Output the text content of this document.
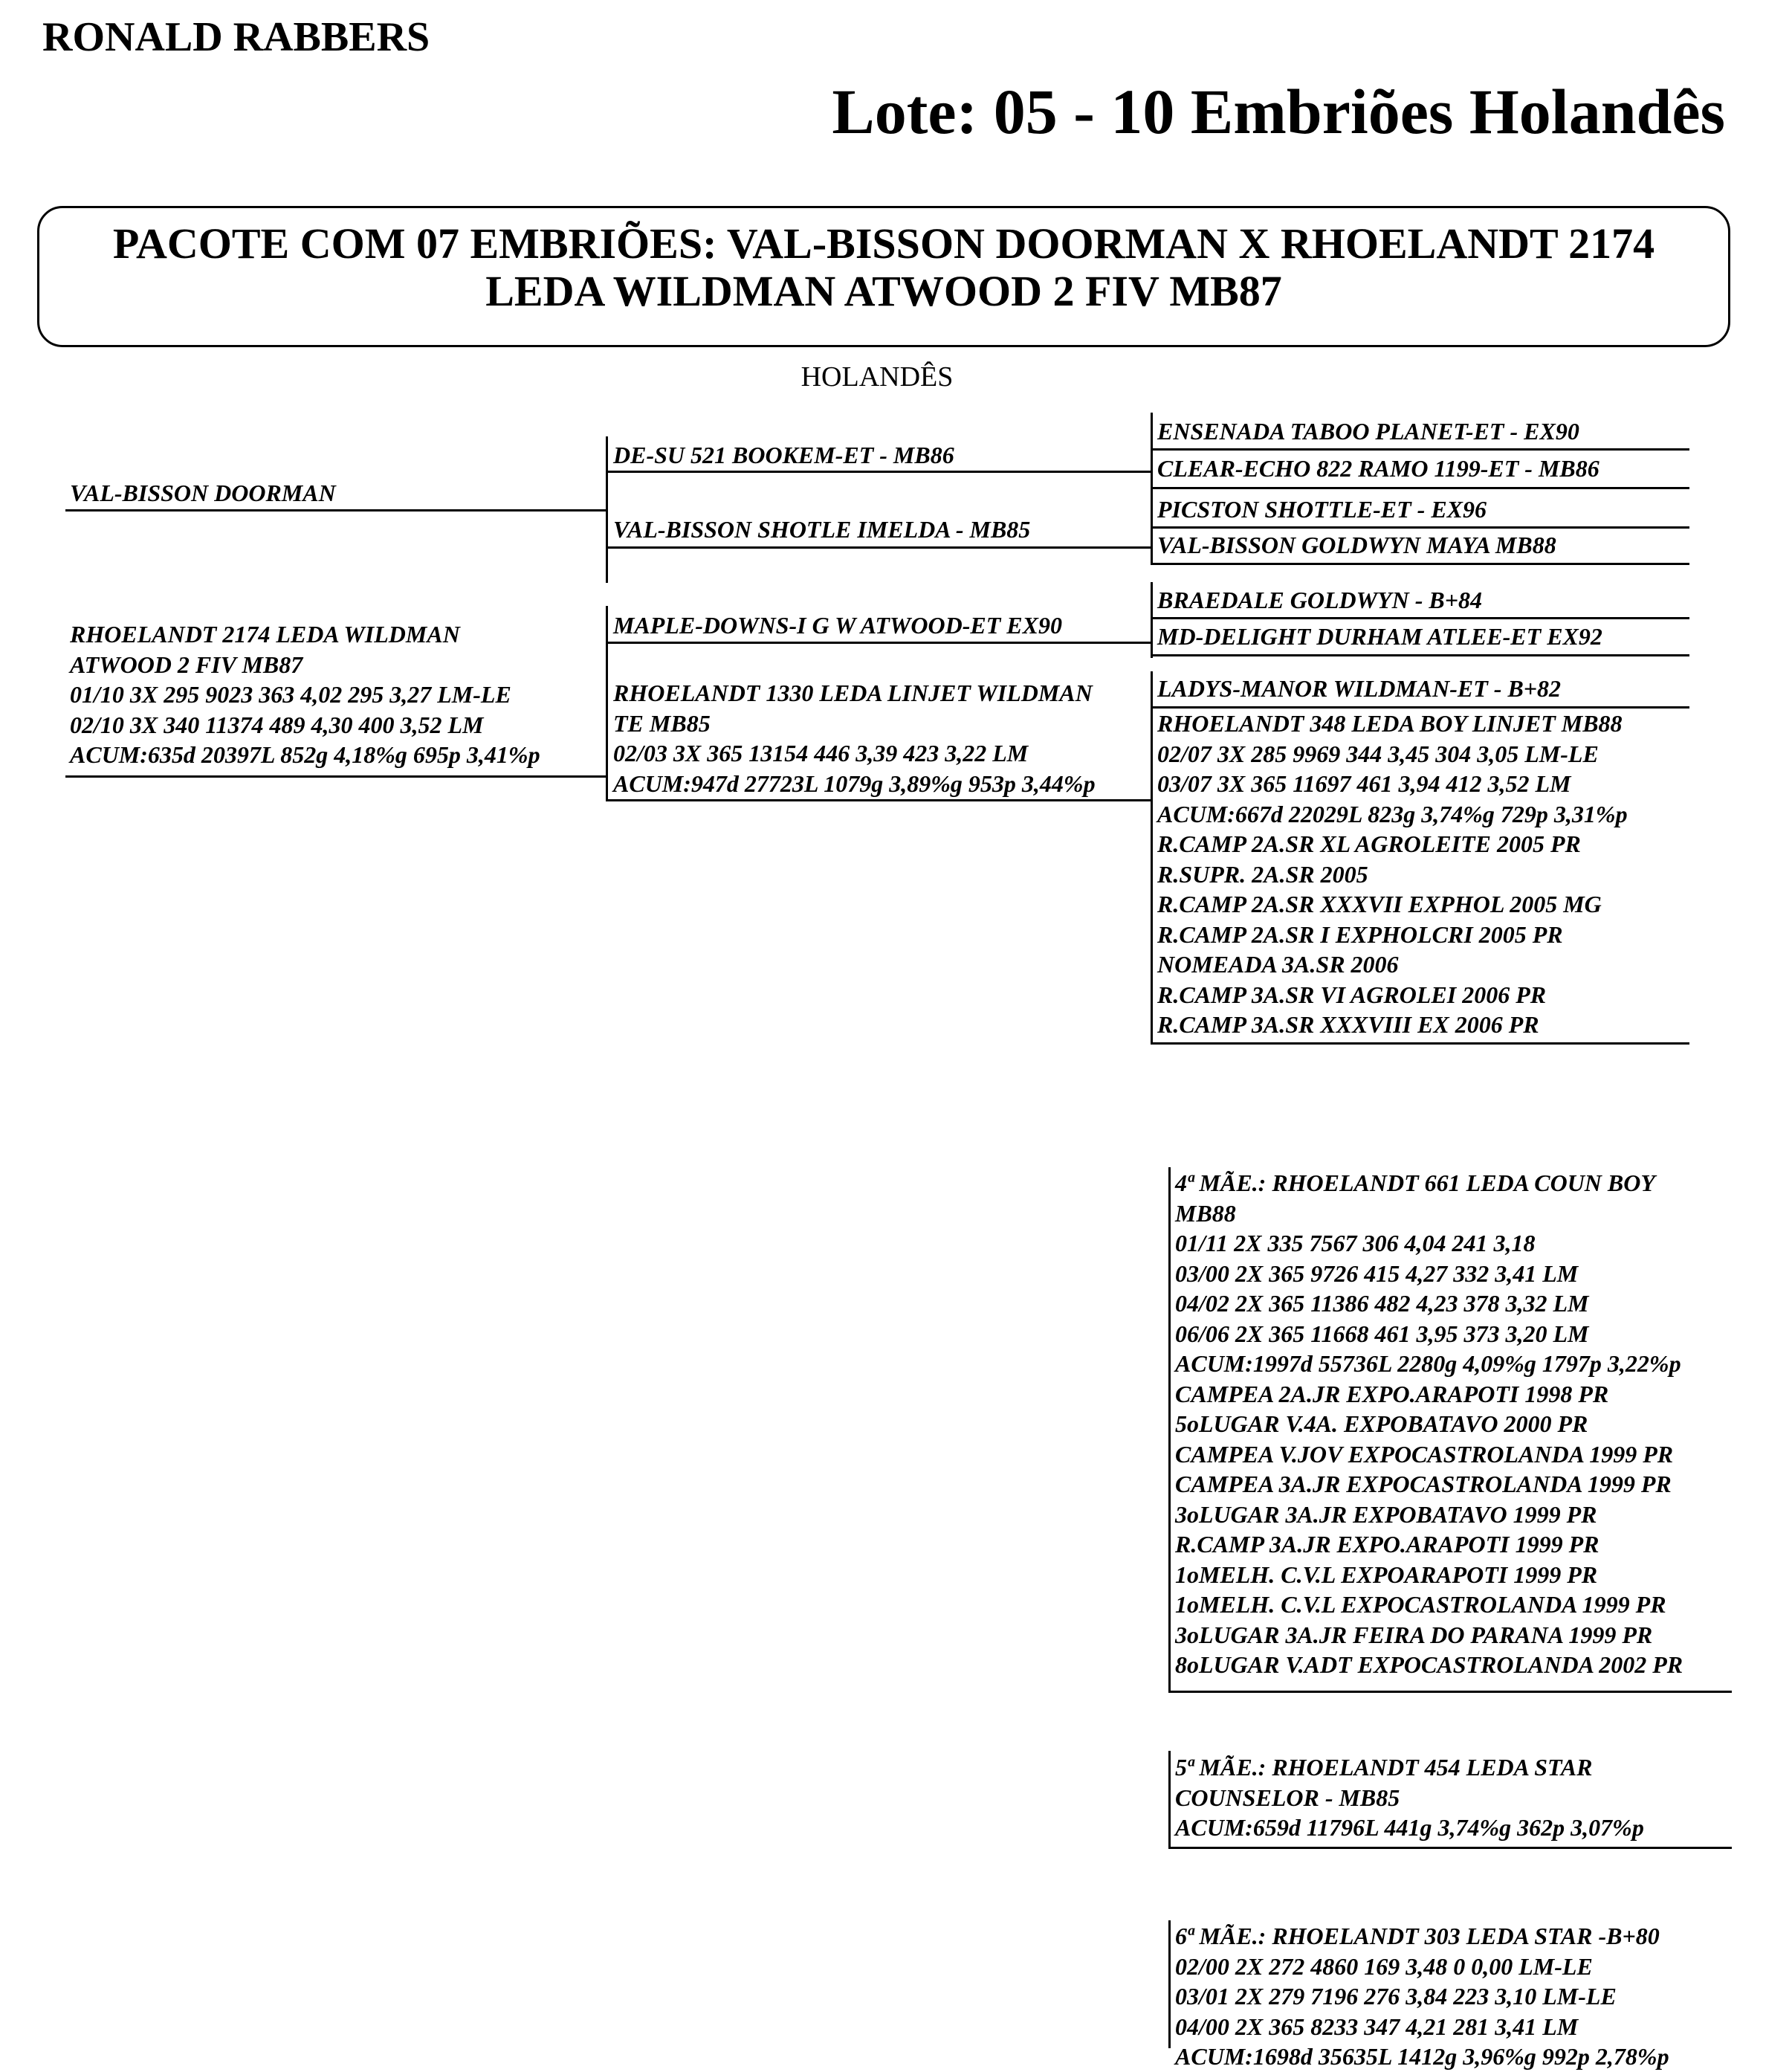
RONALD RABBERS
Lote: 05 - 10 Embriões Holandês
PACOTE COM 07 EMBRIÕES: VAL-BISSON DOORMAN X RHOELANDT 2174
LEDA WILDMAN ATWOOD 2 FIV MB87
HOLANDÊS
VAL-BISSON DOORMAN
RHOELANDT 2174 LEDA WILDMAN
ATWOOD 2 FIV MB87
01/10 3X 295 9023 363 4,02 295 3,27 LM-LE
02/10 3X 340 11374 489 4,30 400 3,52 LM
ACUM:635d 20397L 852g 4,18%g 695p 3,41%p
DE-SU 521 BOOKEM-ET - MB86
VAL-BISSON SHOTLE IMELDA - MB85
MAPLE-DOWNS-I G W ATWOOD-ET EX90
RHOELANDT 1330 LEDA LINJET WILDMAN
TE MB85
02/03 3X 365 13154 446 3,39 423 3,22 LM
ACUM:947d 27723L 1079g 3,89%g 953p 3,44%p
ENSENADA TABOO PLANET-ET - EX90
CLEAR-ECHO 822 RAMO 1199-ET - MB86
PICSTON SHOTTLE-ET - EX96
VAL-BISSON GOLDWYN MAYA MB88
BRAEDALE GOLDWYN - B+84
MD-DELIGHT DURHAM ATLEE-ET EX92
LADYS-MANOR WILDMAN-ET - B+82
RHOELANDT 348 LEDA BOY LINJET MB88
02/07 3X 285 9969 344 3,45 304 3,05 LM-LE
03/07 3X 365 11697 461 3,94 412 3,52 LM
ACUM:667d 22029L 823g 3,74%g 729p 3,31%p
R.CAMP 2A.SR XL AGROLEITE 2005 PR
R.SUPR. 2A.SR 2005
R.CAMP 2A.SR XXXVII EXPHOL 2005 MG
R.CAMP 2A.SR I EXPHOLCRI 2005 PR
NOMEADA 3A.SR 2006
R.CAMP 3A.SR VI AGROLEI 2006 PR
R.CAMP 3A.SR XXXVIII EX 2006 PR
4ª MÃE.: RHOELANDT 661 LEDA COUN BOY
MB88
01/11 2X 335 7567 306 4,04 241 3,18
03/00 2X 365 9726 415 4,27 332 3,41 LM
04/02 2X 365 11386 482 4,23 378 3,32 LM
06/06 2X 365 11668 461 3,95 373 3,20 LM
ACUM:1997d 55736L 2280g 4,09%g 1797p 3,22%p
CAMPEA 2A.JR EXPO.ARAPOTI 1998 PR
5oLUGAR V.4A. EXPOBATAVO 2000 PR
CAMPEA V.JOV EXPOCASTROLANDA 1999 PR
CAMPEA 3A.JR EXPOCASTROLANDA 1999 PR
3oLUGAR 3A.JR EXPOBATAVO 1999 PR
R.CAMP 3A.JR EXPO.ARAPOTI 1999 PR
1oMELH. C.V.L EXPOARAPOTI 1999 PR
1oMELH. C.V.L EXPOCASTROLANDA 1999 PR
3oLUGAR 3A.JR FEIRA DO PARANA 1999 PR
8oLUGAR V.ADT EXPOCASTROLANDA 2002 PR
5ª MÃE.: RHOELANDT 454 LEDA STAR
COUNSELOR - MB85
ACUM:659d 11796L 441g 3,74%g 362p 3,07%p
6ª MÃE.: RHOELANDT 303 LEDA STAR -B+80
02/00 2X 272 4860 169 3,48 0 0,00 LM-LE
03/01 2X 279 7196 276 3,84 223 3,10 LM-LE
04/00 2X 365 8233 347 4,21 281 3,41 LM
ACUM:1698d 35635L 1412g 3,96%g 992p 2,78%p
